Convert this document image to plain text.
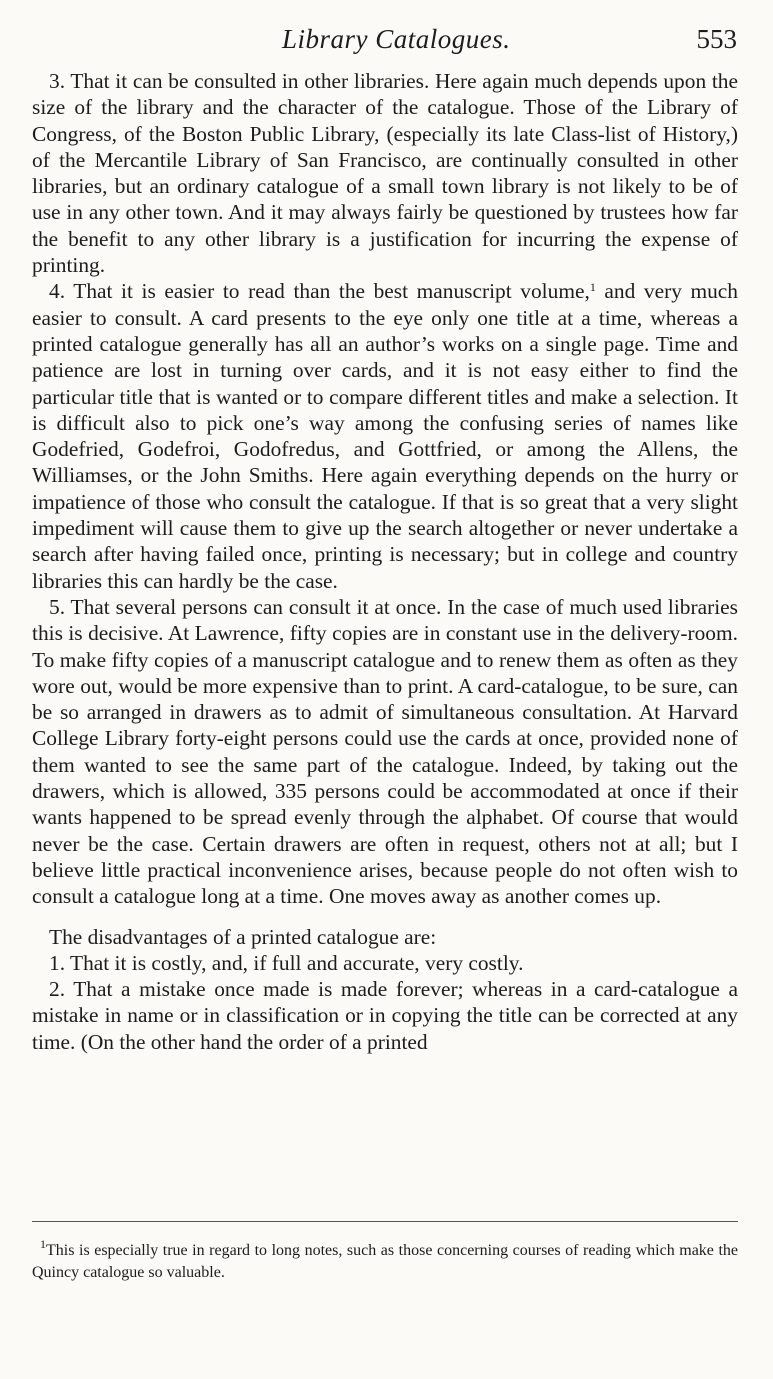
Library Catalogues.	553

3. That it can be consulted in other libraries. Here again much depends upon the size of the library and the character of the catalogue. Those of the Library of Congress, of the Boston Public Library, (especially its late Class-list of History,) of the Mercantile Library of San Francisco, are continually consulted in other libraries, but an ordinary catalogue of a small town library is not likely to be of use in any other town. And it may always fairly be questioned by trustees how far the benefit to any other library is a justification for incurring the expense of printing.

4. That it is easier to read than the best manuscript volume,$^1$ and very much easier to consult. A card presents to the eye only one title at a time, whereas a printed catalogue generally has all an author’s works on a single page. Time and patience are lost in turning over cards, and it is not easy either to find the particular title that is wanted or to compare different titles and make a selection. It is difficult also to pick one’s way among the confusing series of names like Godefried, Godefroi, Godofredus, and Gottfried, or among the Allens, the Williamses, or the John Smiths. Here again everything depends on the hurry or impatience of those who consult the catalogue. If that is so great that a very slight impediment will cause them to give up the search altogether or never undertake a search after having failed once, printing is necessary; but in college and country libraries this can hardly be the case.

5. That several persons can consult it at once. In the case of much used libraries this is decisive. At Lawrence, fifty copies are in constant use in the delivery-room. To make fifty copies of a manuscript catalogue and to renew them as often as they wore out, would be more expensive than to print. A card-catalogue, to be sure, can be so arranged in drawers as to admit of simultaneous consultation. At Harvard College Library forty-eight persons could use the cards at once, provided none of them wanted to see the same part of the catalogue. Indeed, by taking out the drawers, which is allowed, 335 persons could be accommodated at once if their wants happened to be spread evenly through the alphabet. Of course that would never be the case. Certain drawers are often in request, others not at all; but I believe little practical inconvenience arises, because people do not often wish to consult a catalogue long at a time. One moves away as another comes up.

The disadvantages of a printed catalogue are:

1. That it is costly, and, if full and accurate, very costly.

2. That a mistake once made is made forever; whereas in a card-catalogue a mistake in name or in classification or in copying the title can be corrected at any time. (On the other hand the order of a printed

$^1$This is especially true in regard to long notes, such as those concerning courses of reading which make the Quincy catalogue so valuable.
